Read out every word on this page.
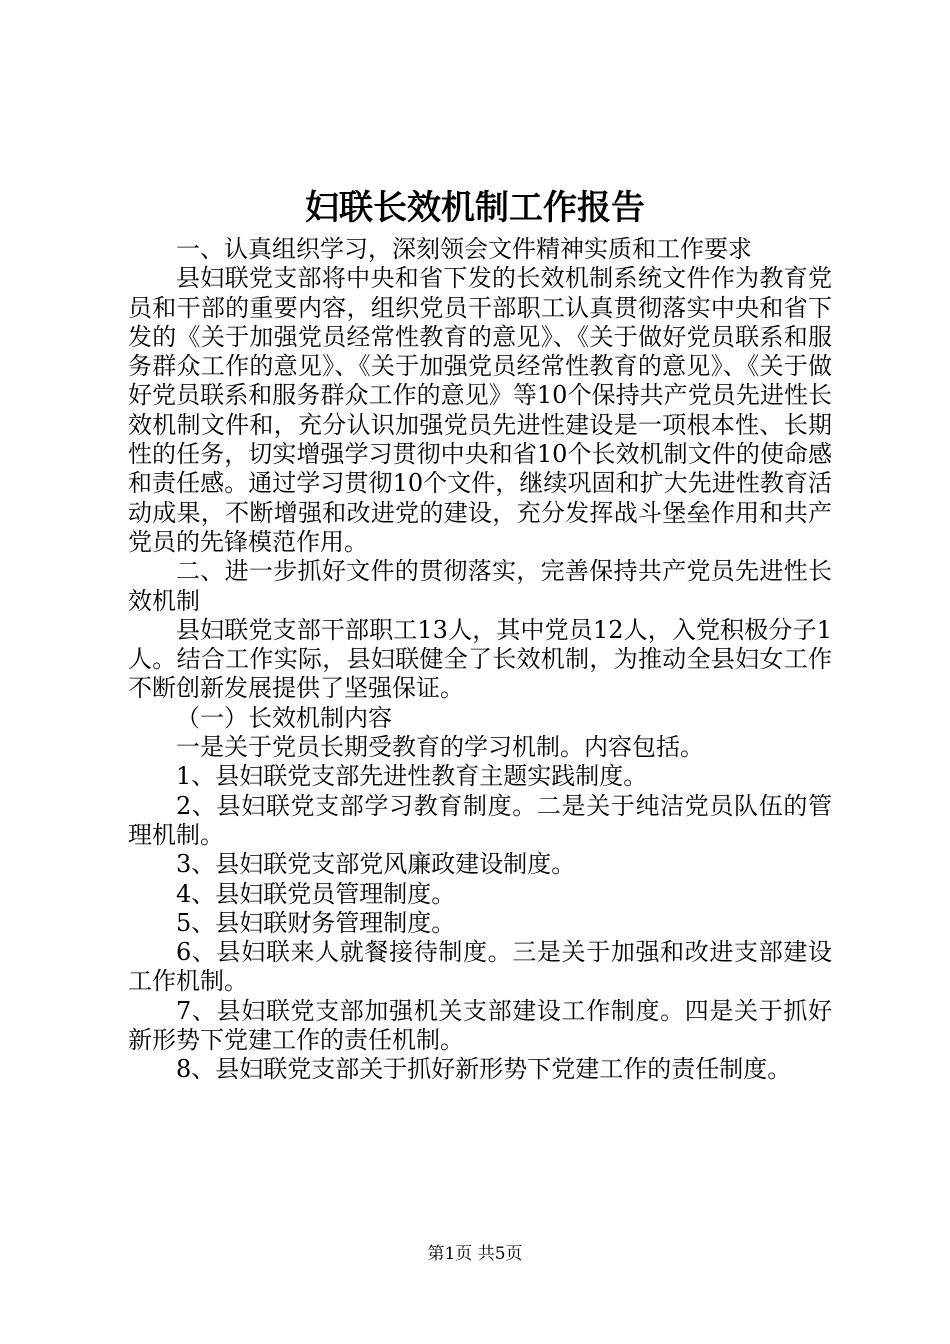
妇联长效机制工作报告

一、认真组织学习，深刻领会文件精神实质和工作要求

县妇联党支部将中央和省下发的长效机制系统文件作为教育党员和干部的重要内容，组织党员干部职工认真贯彻落实中央和省下发的《关于加强党员经常性教育的意见》、《关于做好党员联系和服务群众工作的意见》、《关于加强党员经常性教育的意见》、《关于做好党员联系和服务群众工作的意见》等10个保持共产党员先进性长效机制文件和，充分认识加强党员先进性建设是一项根本性、长期性的任务，切实增强学习贯彻中央和省10个长效机制文件的使命感和责任感。通过学习贯彻10个文件，继续巩固和扩大先进性教育活动成果，不断增强和改进党的建设，充分发挥战斗堡垒作用和共产党员的先锋模范作用。

二、进一步抓好文件的贯彻落实，完善保持共产党员先进性长效机制

县妇联党支部干部职工13人，其中党员12人，入党积极分子1人。结合工作实际，县妇联健全了长效机制，为推动全县妇女工作不断创新发展提供了坚强保证。

（一）长效机制内容

一是关于党员长期受教育的学习机制。内容包括。

1、县妇联党支部先进性教育主题实践制度。

2、县妇联党支部学习教育制度。二是关于纯洁党员队伍的管理机制。

3、县妇联党支部党风廉政建设制度。

4、县妇联党员管理制度。

5、县妇联财务管理制度。

6、县妇联来人就餐接待制度。三是关于加强和改进支部建设工作机制。

7、县妇联党支部加强机关支部建设工作制度。四是关于抓好新形势下党建工作的责任机制。

8、县妇联党支部关于抓好新形势下党建工作的责任制度。

第1页 共5页
